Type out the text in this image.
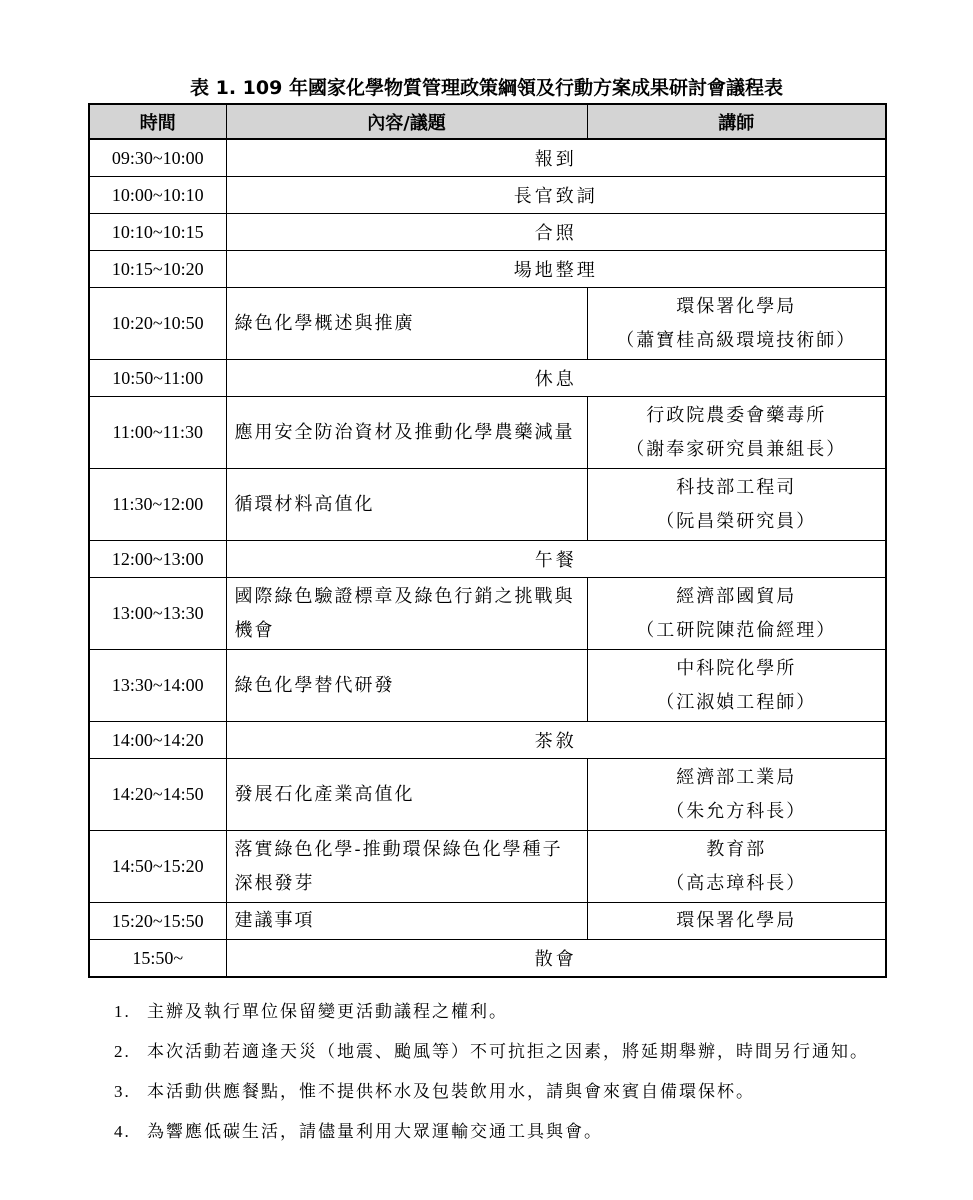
表 1. 109 年國家化學物質管理政策綱領及行動方案成果研討會議程表
時間	內容/議題	講師
09:30~10:00	報到	
10:00~10:10	長官致詞	
10:10~10:15	合照	
10:15~10:20	場地整理	
10:20~10:50	綠色化學概述與推廣	環保署化學局
（蕭寶桂高級環境技術師）

10:50~11:00	休息	
11:00~11:30	應用安全防治資材及推動化學農藥減量	行政院農委會藥毒所
（謝奉家研究員兼組長）

11:30~12:00	循環材料高值化	科技部工程司
（阮昌榮研究員）

12:00~13:00	午餐	
13:00~13:30	國際綠色驗證標章及綠色行銷之挑戰與機會	經濟部國貿局
（工研院陳范倫經理）

13:30~14:00	綠色化學替代研發	中科院化學所
（江淑媜工程師）

14:00~14:20	茶敘	
14:20~14:50	發展石化產業高值化	經濟部工業局
（朱允方科長）

14:50~15:20	落實綠色化學-推動環保綠色化學種子深根發芽	教育部
（高志璋科長）

15:20~15:50	建議事項	環保署化學局

15:50~	散會	
1. 主辦及執行單位保留變更活動議程之權利。
2. 本次活動若適逢天災（地震、颱風等）不可抗拒之因素，將延期舉辦，時間另行通知。
3. 本活動供應餐點，惟不提供杯水及包裝飲用水，請與會來賓自備環保杯。
4. 為響應低碳生活，請儘量利用大眾運輸交通工具與會。
